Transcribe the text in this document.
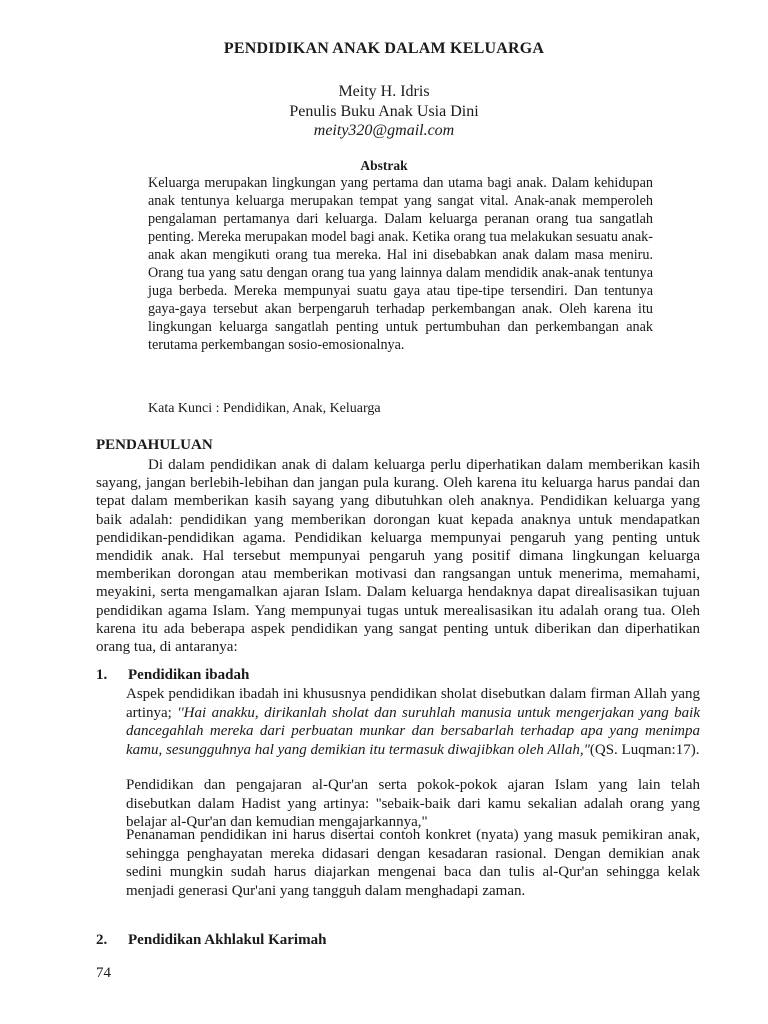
PENDIDIKAN ANAK DALAM KELUARGA
Meity H. Idris
Penulis Buku Anak Usia Dini
meity320@gmail.com
Abstrak

Keluarga merupakan lingkungan yang pertama dan utama bagi anak. Dalam kehidupan anak tentunya keluarga merupakan tempat yang sangat vital. Anak-anak memperoleh pengalaman pertamanya dari keluarga. Dalam keluarga peranan orang tua sangatlah penting. Mereka merupakan model bagi anak. Ketika orang tua melakukan sesuatu anak-anak akan mengikuti orang tua mereka. Hal ini disebabkan anak dalam masa meniru. Orang tua yang satu dengan orang tua yang lainnya dalam mendidik anak-anak tentunya juga berbeda. Mereka mempunyai suatu gaya atau tipe-tipe tersendiri. Dan tentunya gaya-gaya tersebut akan berpengaruh terhadap perkembangan anak. Oleh karena itu lingkungan keluarga sangatlah penting untuk pertumbuhan dan perkembangan anak terutama perkembangan sosio-emosionalnya.

Kata Kunci : Pendidikan, Anak, Keluarga
PENDAHULUAN

Di dalam pendidikan anak di dalam keluarga perlu diperhatikan dalam memberikan kasih sayang, jangan berlebih-lebihan dan jangan pula kurang. Oleh karena itu keluarga harus pandai dan tepat dalam memberikan kasih sayang yang dibutuhkan oleh anaknya. Pendidikan keluarga yang baik adalah: pendidikan yang memberikan dorongan kuat kepada anaknya untuk mendapatkan pendidikan-pendidikan agama. Pendidikan keluarga mempunyai pengaruh yang penting untuk mendidik anak. Hal tersebut mempunyai pengaruh yang positif dimana lingkungan keluarga memberikan dorongan atau memberikan motivasi dan rangsangan untuk menerima, memahami, meyakini, serta mengamalkan ajaran Islam. Dalam keluarga hendaknya dapat direalisasikan tujuan pendidikan agama Islam. Yang mempunyai tugas untuk merealisasikan itu adalah orang tua. Oleh karena itu ada beberapa aspek pendidikan yang sangat penting untuk diberikan dan diperhatikan orang tua, di antaranya:

1. Pendidikan ibadah

Aspek pendidikan ibadah ini khususnya pendidikan sholat disebutkan dalam firman Allah yang artinya; ''Hai anakku, dirikanlah sholat dan suruhlah manusia untuk mengerjakan yang baik dancegahlah mereka dari perbuatan munkar dan bersabarlah terhadap apa yang menimpa kamu, sesungguhnya hal yang demikian itu termasuk diwajibkan oleh Allah,"(QS. Luqman:17).

Pendidikan dan pengajaran al-Qur'an serta pokok-pokok ajaran Islam yang lain telah disebutkan dalam Hadist yang artinya: ''sebaik-baik dari kamu sekalian adalah orang yang belajar al-Qur'an dan kemudian mengajarkannya,"

Penanaman pendidikan ini harus disertai contoh konkret (nyata) yang masuk pemikiran anak, sehingga penghayatan mereka didasari dengan kesadaran rasional. Dengan demikian anak sedini mungkin sudah harus diajarkan mengenai baca dan tulis al-Qur'an sehingga kelak menjadi generasi Qur'ani yang tangguh dalam menghadapi zaman.

2. Pendidikan Akhlakul Karimah
74
